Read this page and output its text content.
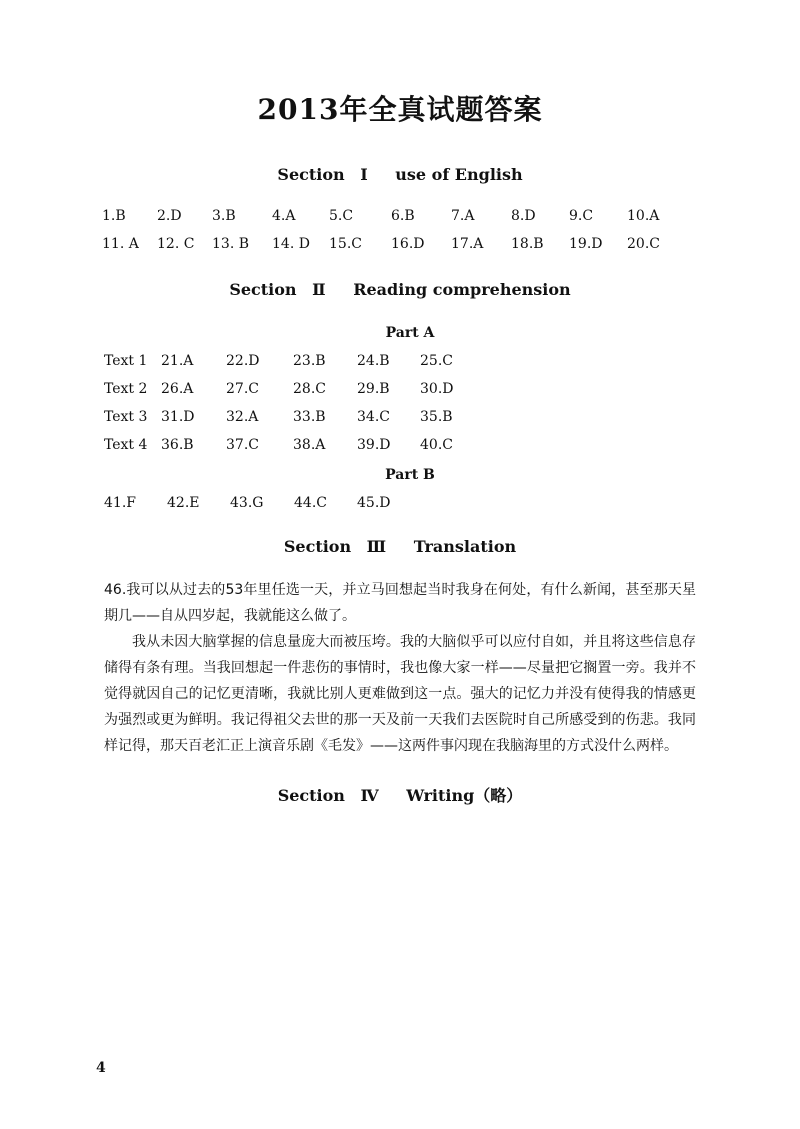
2013年全真试题答案
Section Ⅰ use of English
1.B 2.D 3.B	4.A 5.C	6.B	7.A	8.D 9.C 10.A
11. A 12. C 13. B 14. D 15.C 16.D 17.A 18.B 19.D 20.C
Section Ⅱ Reading comprehension
Part A
Text 1 21.A 22.D 23.B 24.B 25.C
Text 2 26.A 27.C 28.C 29.B 30.D
Text 3 31.D 32.A 33.B 34.C 35.B
Text 4 36.B 37.C 38.A 39.D 40.C
Part B
41.F 42.E 43.G 44.C 45.D
Section Ⅲ Translation
46.我可以从过去的53年里任选一天，并立马回想起当时我身在何处，有什么新闻，甚至那天星期几——自从四岁起，我就能这么做了。
我从未因大脑掌握的信息量庞大而被压垮。我的大脑似乎可以应付自如，并且将这些信息存储得有条有理。当我回想起一件悲伤的事情时，我也像大家一样——尽量把它搁置一旁。我并不觉得就因自己的记忆更清晰，我就比别人更难做到这一点。强大的记忆力并没有使得我的情感更为强烈或更为鲜明。我记得祖父去世的那一天及前一天我们去医院时自己所感受到的伤悲。我同样记得，那天百老汇正上演音乐剧《毛发》——这两件事闪现在我脑海里的方式没什么两样。
Section Ⅳ Writing（略）
4
